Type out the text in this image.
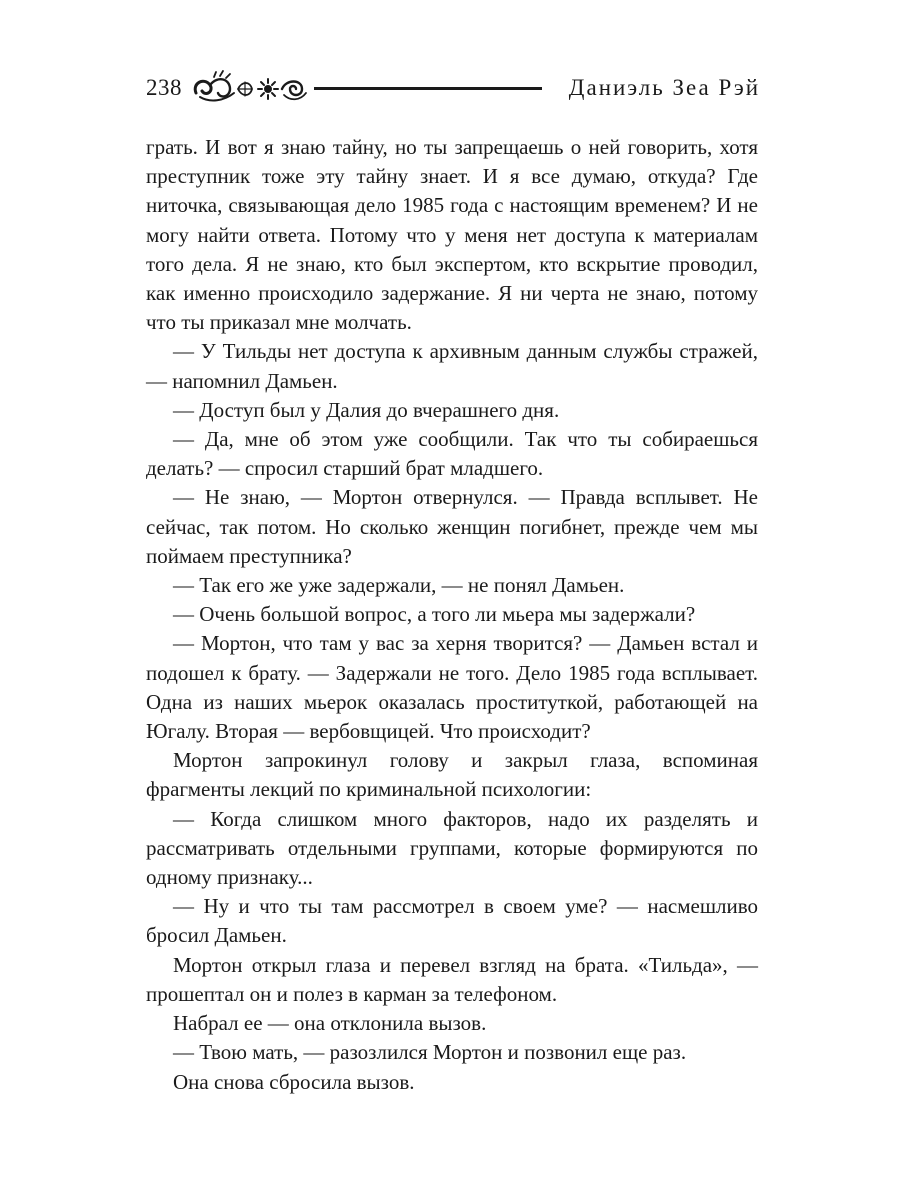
238	Даниэль Зеа Рэй

грать. И вот я знаю тайну, но ты запрещаешь о ней говорить, хотя преступник тоже эту тайну знает. И я все думаю, откуда? Где ниточка, связывающая дело 1985 года с настоящим временем? И не могу найти ответа. Потому что у меня нет доступа к материалам того дела. Я не знаю, кто был экспертом, кто вскрытие проводил, как именно происходило задержание. Я ни черта не знаю, потому что ты приказал мне молчать.

— У Тильды нет доступа к архивным данным службы стражей, — напомнил Дамьен.

— Доступ был у Далия до вчерашнего дня.

— Да, мне об этом уже сообщили. Так что ты собираешься делать? — спросил старший брат младшего.

— Не знаю, — Мортон отвернулся. — Правда всплывет. Не сейчас, так потом. Но сколько женщин погибнет, прежде чем мы поймаем преступника?

— Так его же уже задержали, — не понял Дамьен.

— Очень большой вопрос, а того ли мьера мы задержали?

— Мортон, что там у вас за херня творится? — Дамьен встал и подошел к брату. — Задержали не того. Дело 1985 года всплывает. Одна из наших мьерок оказалась проституткой, работающей на Югалу. Вторая — вербовщицей. Что происходит?

Мортон запрокинул голову и закрыл глаза, вспоминая фрагменты лекций по криминальной психологии:

— Когда слишком много факторов, надо их разделять и рассматривать отдельными группами, которые формируются по одному признаку...

— Ну и что ты там рассмотрел в своем уме? — насмешливо бросил Дамьен.

Мортон открыл глаза и перевел взгляд на брата. «Тильда», — прошептал он и полез в карман за телефоном.

Набрал ее — она отклонила вызов.

— Твою мать, — разозлился Мортон и позвонил еще раз.

Она снова сбросила вызов.
